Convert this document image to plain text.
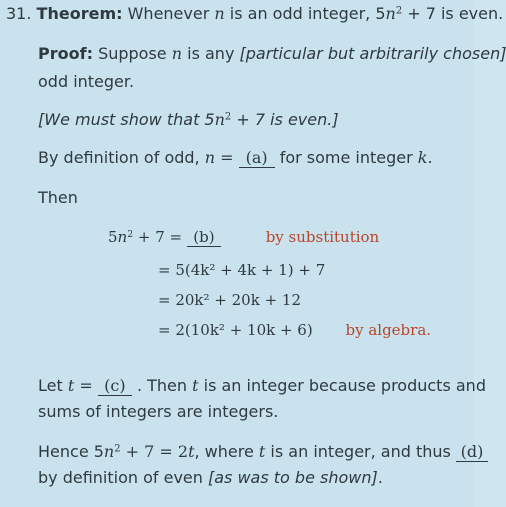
31. Theorem: Whenever n is an odd integer, $5n^2 + 7$ is even.
Proof: Suppose n is any [particular but arbitrarily chosen]
odd integer.
[We must show that $5n^2 + 7$ is even.]
By definition of odd, n = (a) for some integer k.
Then
$5n^2 + 7 = (b)$	by substitution
= 5(4k² + 4k + 1) + 7
= 20k² + 20k + 12
= 2(10k² + 10k + 6) by algebra.
Let t = (c) . Then t is an integer because products and
sums of integers are integers.
Hence $5n^2 + 7 = 2t$, where t is an integer, and thus (d)
by definition of even [as was to be shown].
